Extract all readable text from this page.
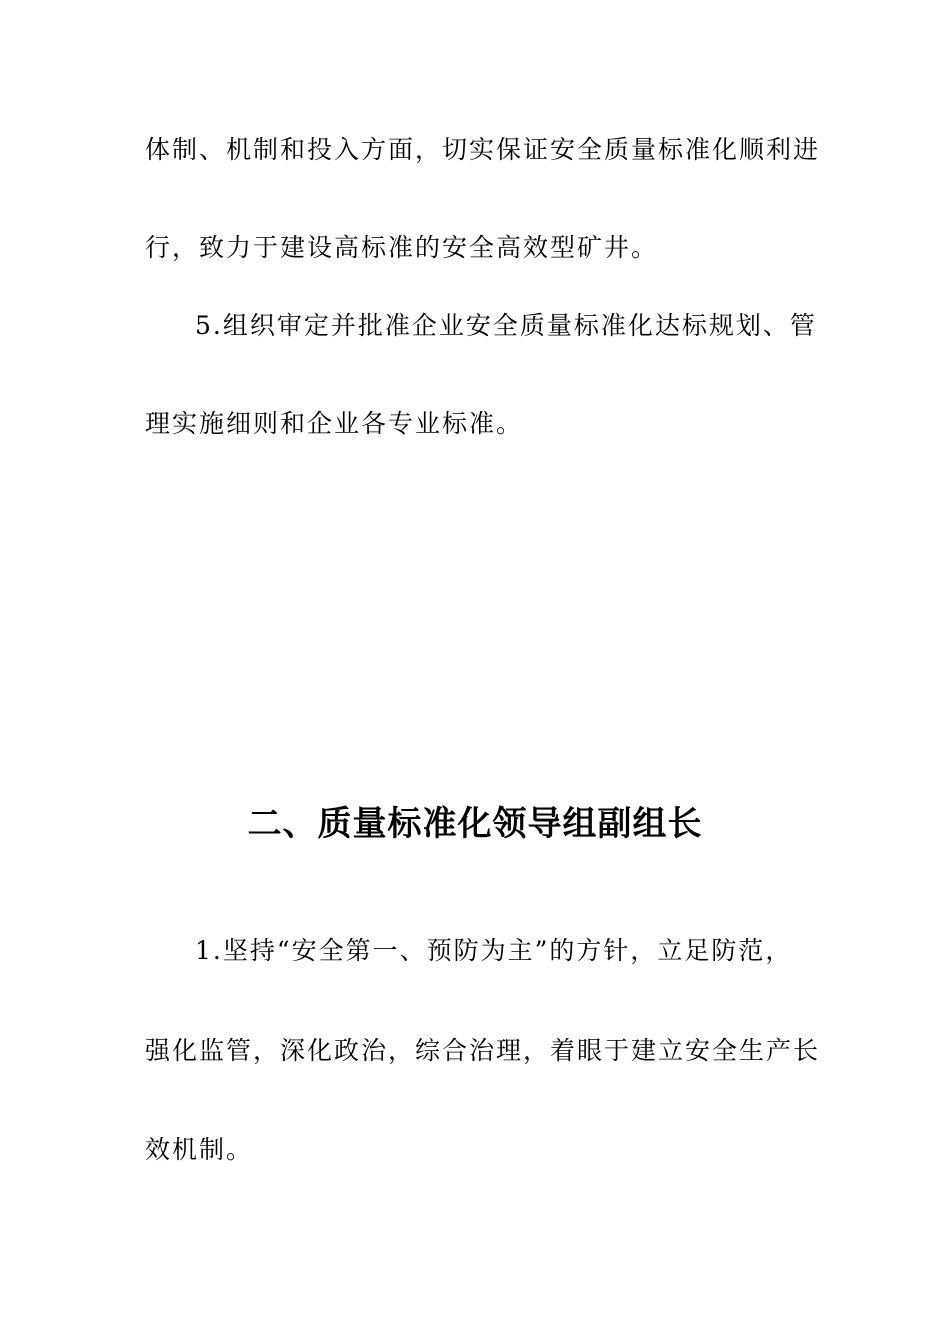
体制、机制和投入方面，切实保证安全质量标准化顺利进
行，致力于建设高标准的安全高效型矿井。
5.组织审定并批准企业安全质量标准化达标规划、管
理实施细则和企业各专业标准。
二、质量标准化领导组副组长
1.坚持“安全第一、预防为主”的方针，立足防范，
强化监管，深化政治，综合治理，着眼于建立安全生产长
效机制。
